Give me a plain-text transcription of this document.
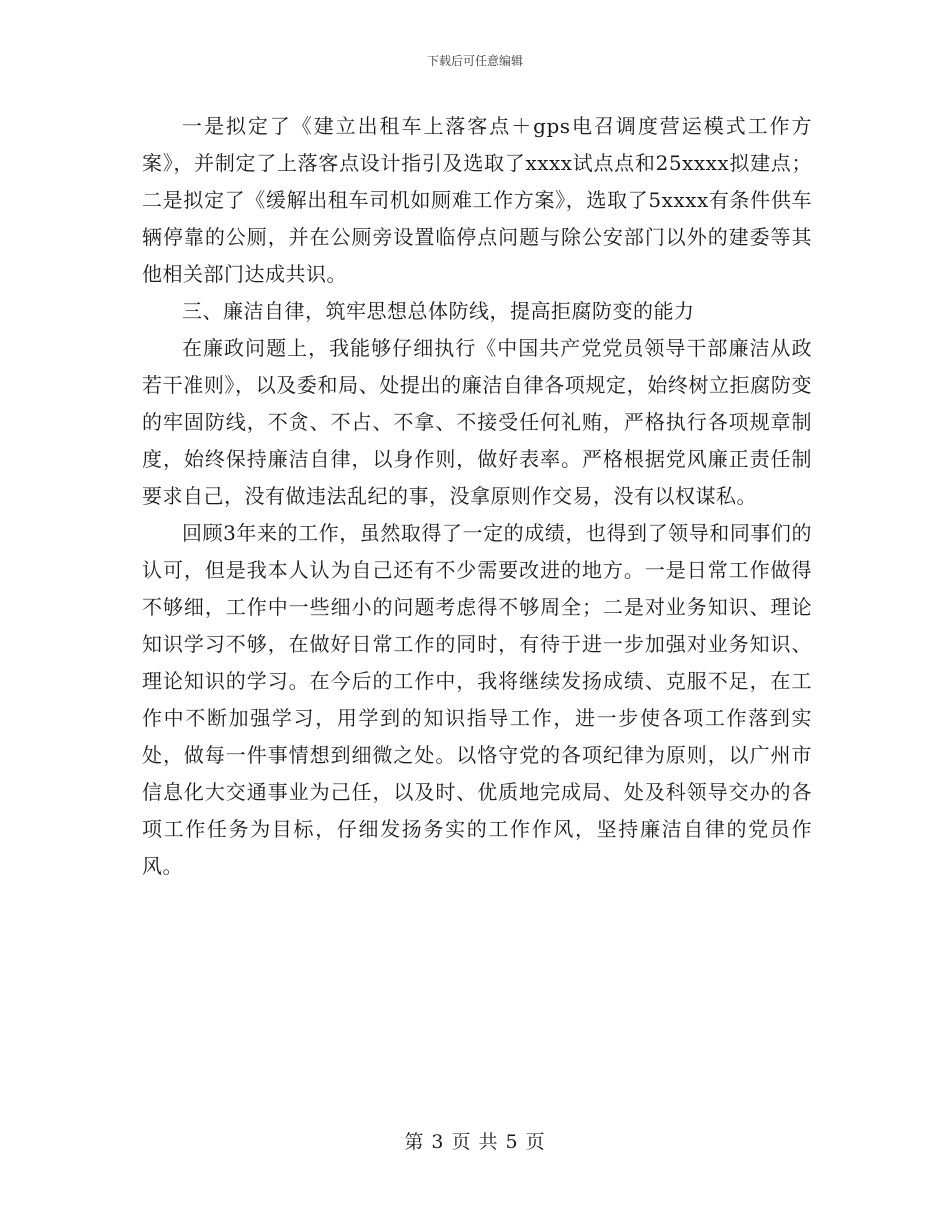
下载后可任意编辑

一是拟定了《建立出租车上落客点＋gps电召调度营运模式工作方案》，并制定了上落客点设计指引及选取了xxxx试点点和25xxxx拟建点；二是拟定了《缓解出租车司机如厕难工作方案》，选取了5xxxx有条件供车辆停靠的公厕，并在公厕旁设置临停点问题与除公安部门以外的建委等其他相关部门达成共识。

三、廉洁自律，筑牢思想总体防线，提高拒腐防变的能力

在廉政问题上，我能够仔细执行《中国共产党党员领导干部廉洁从政若干准则》，以及委和局、处提出的廉洁自律各项规定，始终树立拒腐防变的牢固防线，不贪、不占、不拿、不接受任何礼贿，严格执行各项规章制度，始终保持廉洁自律，以身作则，做好表率。严格根据党风廉正责任制要求自己，没有做违法乱纪的事，没拿原则作交易，没有以权谋私。

回顾3年来的工作，虽然取得了一定的成绩，也得到了领导和同事们的认可，但是我本人认为自己还有不少需要改进的地方。一是日常工作做得不够细，工作中一些细小的问题考虑得不够周全；二是对业务知识、理论知识学习不够，在做好日常工作的同时，有待于进一步加强对业务知识、理论知识的学习。在今后的工作中，我将继续发扬成绩、克服不足，在工作中不断加强学习，用学到的知识指导工作，进一步使各项工作落到实处，做每一件事情想到细微之处。以恪守党的各项纪律为原则，以广州市信息化大交通事业为己任，以及时、优质地完成局、处及科领导交办的各项工作任务为目标，仔细发扬务实的工作作风，坚持廉洁自律的党员作风。

第 3 页 共 5 页
